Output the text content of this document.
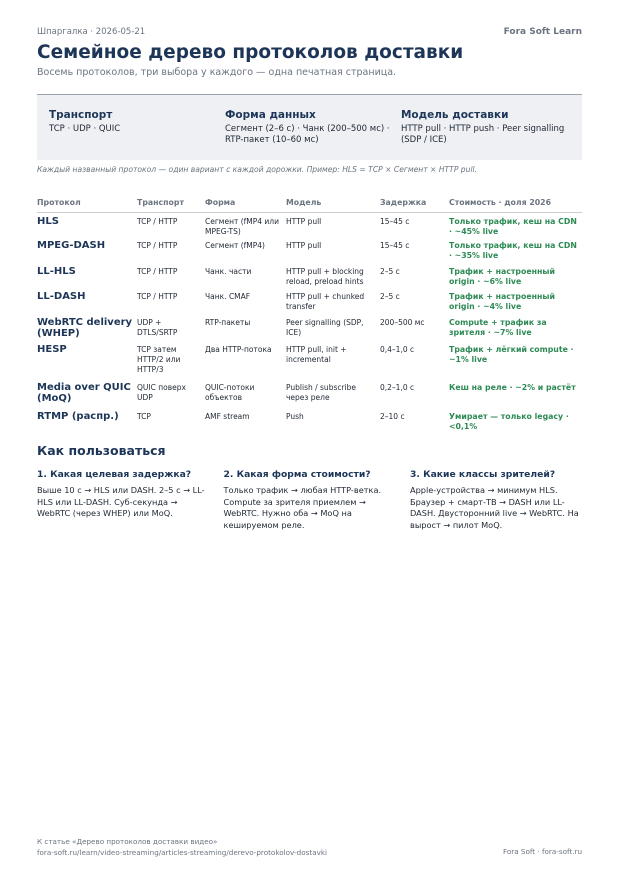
Шпаргалка · 2026-05-21	Fora Soft Learn
Семейное дерево протоколов доставки
Восемь протоколов, три выбора у каждого — одна печатная страница.
Транспорт
TCP · UDP · QUIC
Форма данных
Сегмент (2–6 с) · Чанк (200–500 мс) · RTP-пакет (10–60 мс)
Модель доставки
HTTP pull · HTTP push · Peer signalling (SDP / ICE)
Каждый названный протокол — один вариант с каждой дорожки. Пример: HLS = TCP × Сегмент × HTTP pull.
Протокол	Транспорт	Форма	Модель	Задержка	Стоимость · доля 2026
HLS	TCP / HTTP	Сегмент (fMP4 или MPEG-TS)	HTTP pull	15–45 с	Только трафик, кеш на CDN · ~45% live
MPEG-DASH	TCP / HTTP	Сегмент (fMP4)	HTTP pull	15–45 с	Только трафик, кеш на CDN · ~35% live
LL-HLS	TCP / HTTP	Чанк. части	HTTP pull + blocking reload, preload hints	2–5 с	Трафик + настроенный origin · ~6% live
LL-DASH	TCP / HTTP	Чанк. CMAF	HTTP pull + chunked transfer	2–5 с	Трафик + настроенный origin · ~4% live
WebRTC delivery (WHEP)	UDP + DTLS/SRTP	RTP-пакеты	Peer signalling (SDP, ICE)	200–500 мс	Compute + трафик за зрителя · ~7% live
HESP	TCP затем HTTP/2 или HTTP/3	Два HTTP-потока	HTTP pull, init + incremental	0,4–1,0 с	Трафик + лёгкий compute · ~1% live
Media over QUIC (MoQ)	QUIC поверх UDP	QUIC-потоки объектов	Publish / subscribe через реле	0,2–1,0 с	Кеш на реле · ~2% и растёт
RTMP (распр.)	TCP	AMF stream	Push	2–10 с	Умирает — только legacy · <0,1%
Как пользоваться
1. Какая целевая задержка?
Выше 10 с → HLS или DASH. 2–5 с → LL-HLS или LL-DASH. Суб-секунда → WebRTC (через WHEP) или MoQ.
2. Какая форма стоимости?
Только трафик → любая HTTP-ветка. Compute за зрителя приемлем → WebRTC. Нужно оба → MoQ на кешируемом реле.
3. Какие классы зрителей?
Apple-устройства → минимум HLS. Браузер + смарт-ТВ → DASH или LL-DASH. Двусторонний live → WebRTC. На вырост → пилот MoQ.
К статье «Дерево протоколов доставки видео»
fora-soft.ru/learn/video-streaming/articles-streaming/derevo-protokolov-dostavki	Fora Soft · fora-soft.ru
